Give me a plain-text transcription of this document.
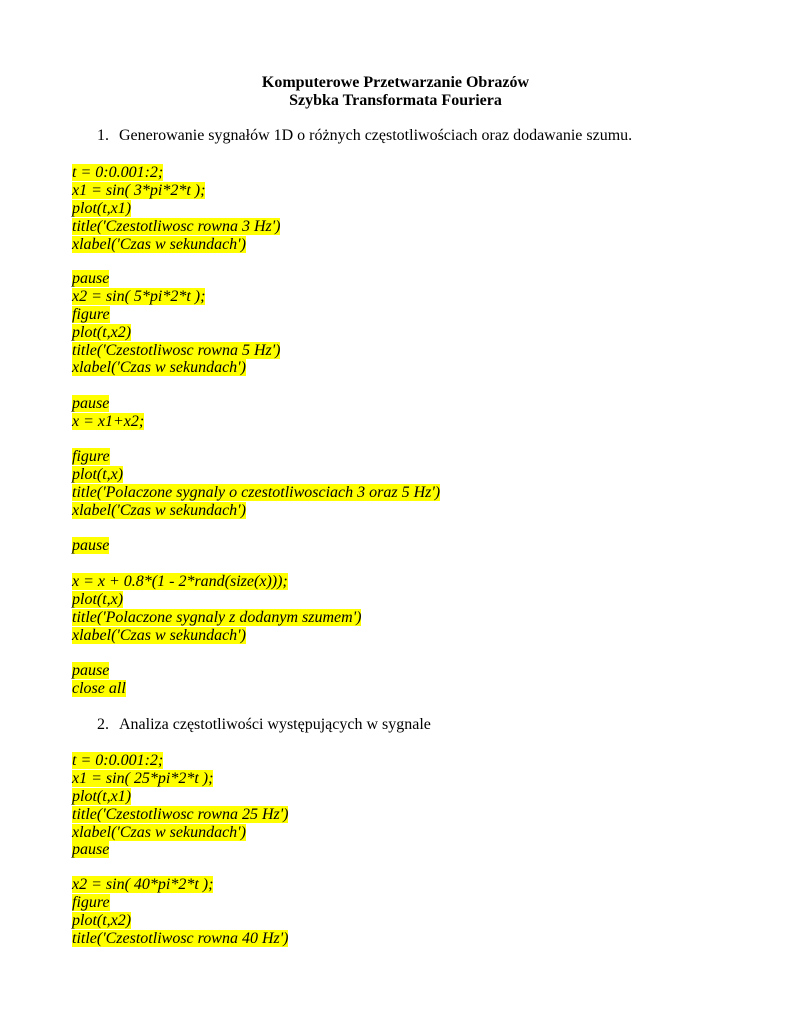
Komputerowe Przetwarzanie Obrazów
Szybka Transformata Fouriera
1. Generowanie sygnałów 1D o różnych częstotliwościach oraz dodawanie szumu.
t = 0:0.001:2;
x1 = sin( 3*pi*2*t );
plot(t,x1)
title('Czestotliwosc rowna 3 Hz')
xlabel('Czas w sekundach')
pause
x2 = sin( 5*pi*2*t );
figure
plot(t,x2)
title('Czestotliwosc rowna 5 Hz')
xlabel('Czas w sekundach')
pause
x = x1+x2;
figure
plot(t,x)
title('Polaczone sygnaly o czestotliwosciach 3 oraz 5 Hz')
xlabel('Czas w sekundach')
pause
x = x + 0.8*(1 - 2*rand(size(x)));
plot(t,x)
title('Polaczone sygnaly z dodanym szumem')
xlabel('Czas w sekundach')
pause
close all
2. Analiza częstotliwości występujących w sygnale
t = 0:0.001:2;
x1 = sin( 25*pi*2*t );
plot(t,x1)
title('Czestotliwosc rowna 25 Hz')
xlabel('Czas w sekundach')
pause
x2 = sin( 40*pi*2*t );
figure
plot(t,x2)
title('Czestotliwosc rowna 40 Hz')
